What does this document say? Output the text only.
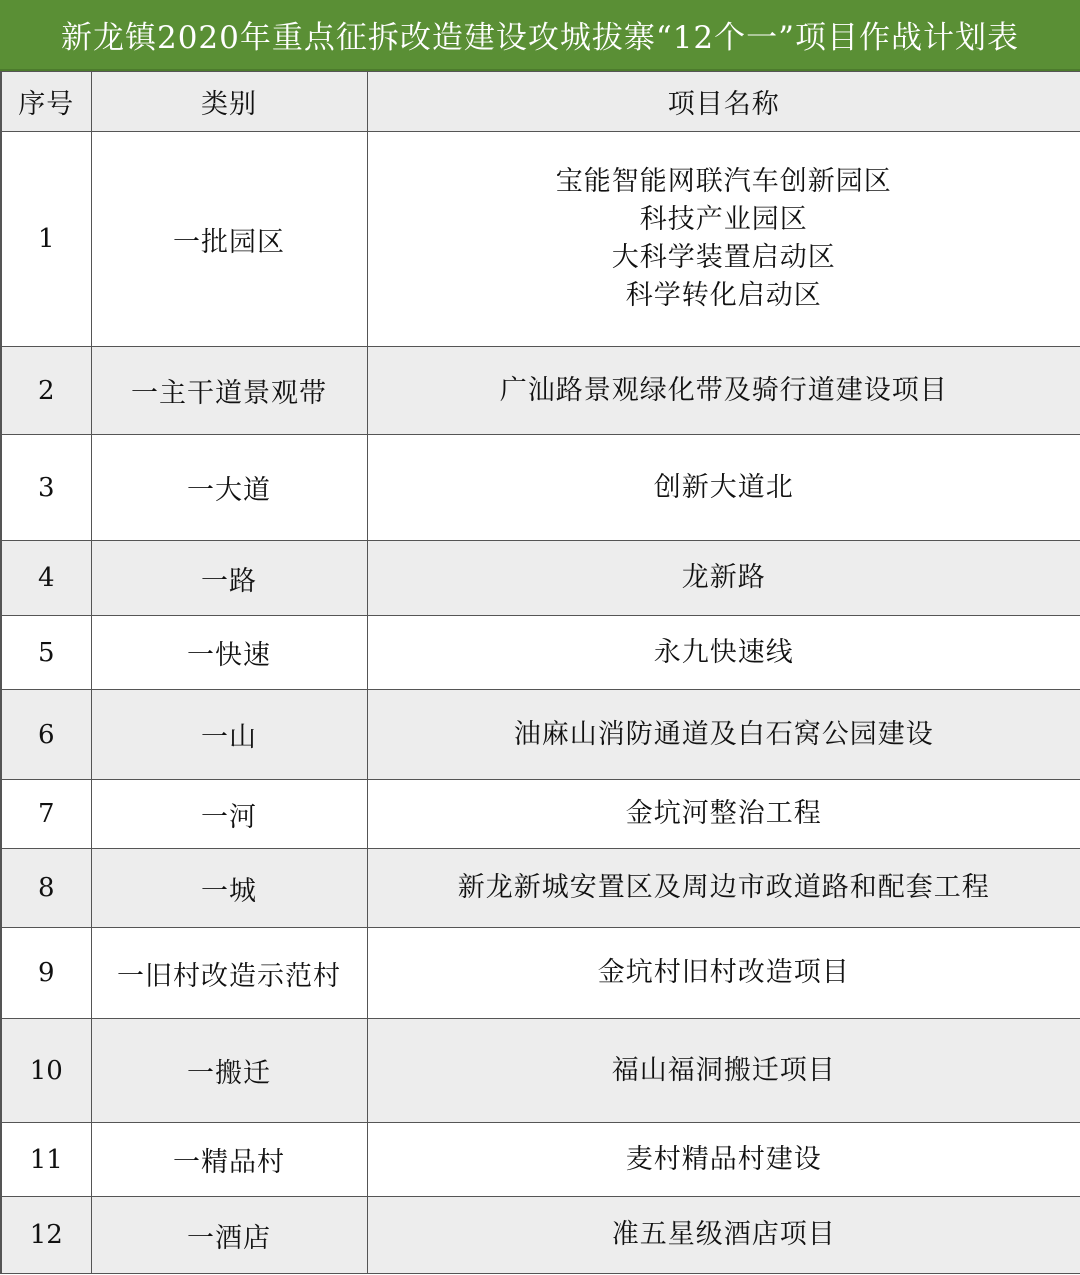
新龙镇2020年重点征拆改造建设攻城拔寨“12个一”项目作战计划表
序号	类别	项目名称
1	一批园区	宝能智能网联汽车创新园区
科技产业园区
大科学装置启动区
科学转化启动区

2	一主干道景观带	广汕路景观绿化带及骑行道建设项目

3	一大道	创新大道北

4	一路	龙新路

5	一快速	永九快速线

6	一山	油麻山消防通道及白石窝公园建设

7	一河	金坑河整治工程

8	一城	新龙新城安置区及周边市政道路和配套工程

9	一旧村改造示范村	金坑村旧村改造项目

10	一搬迁	福山福洞搬迁项目

11	一精品村	麦村精品村建设

12	一酒店	准五星级酒店项目
